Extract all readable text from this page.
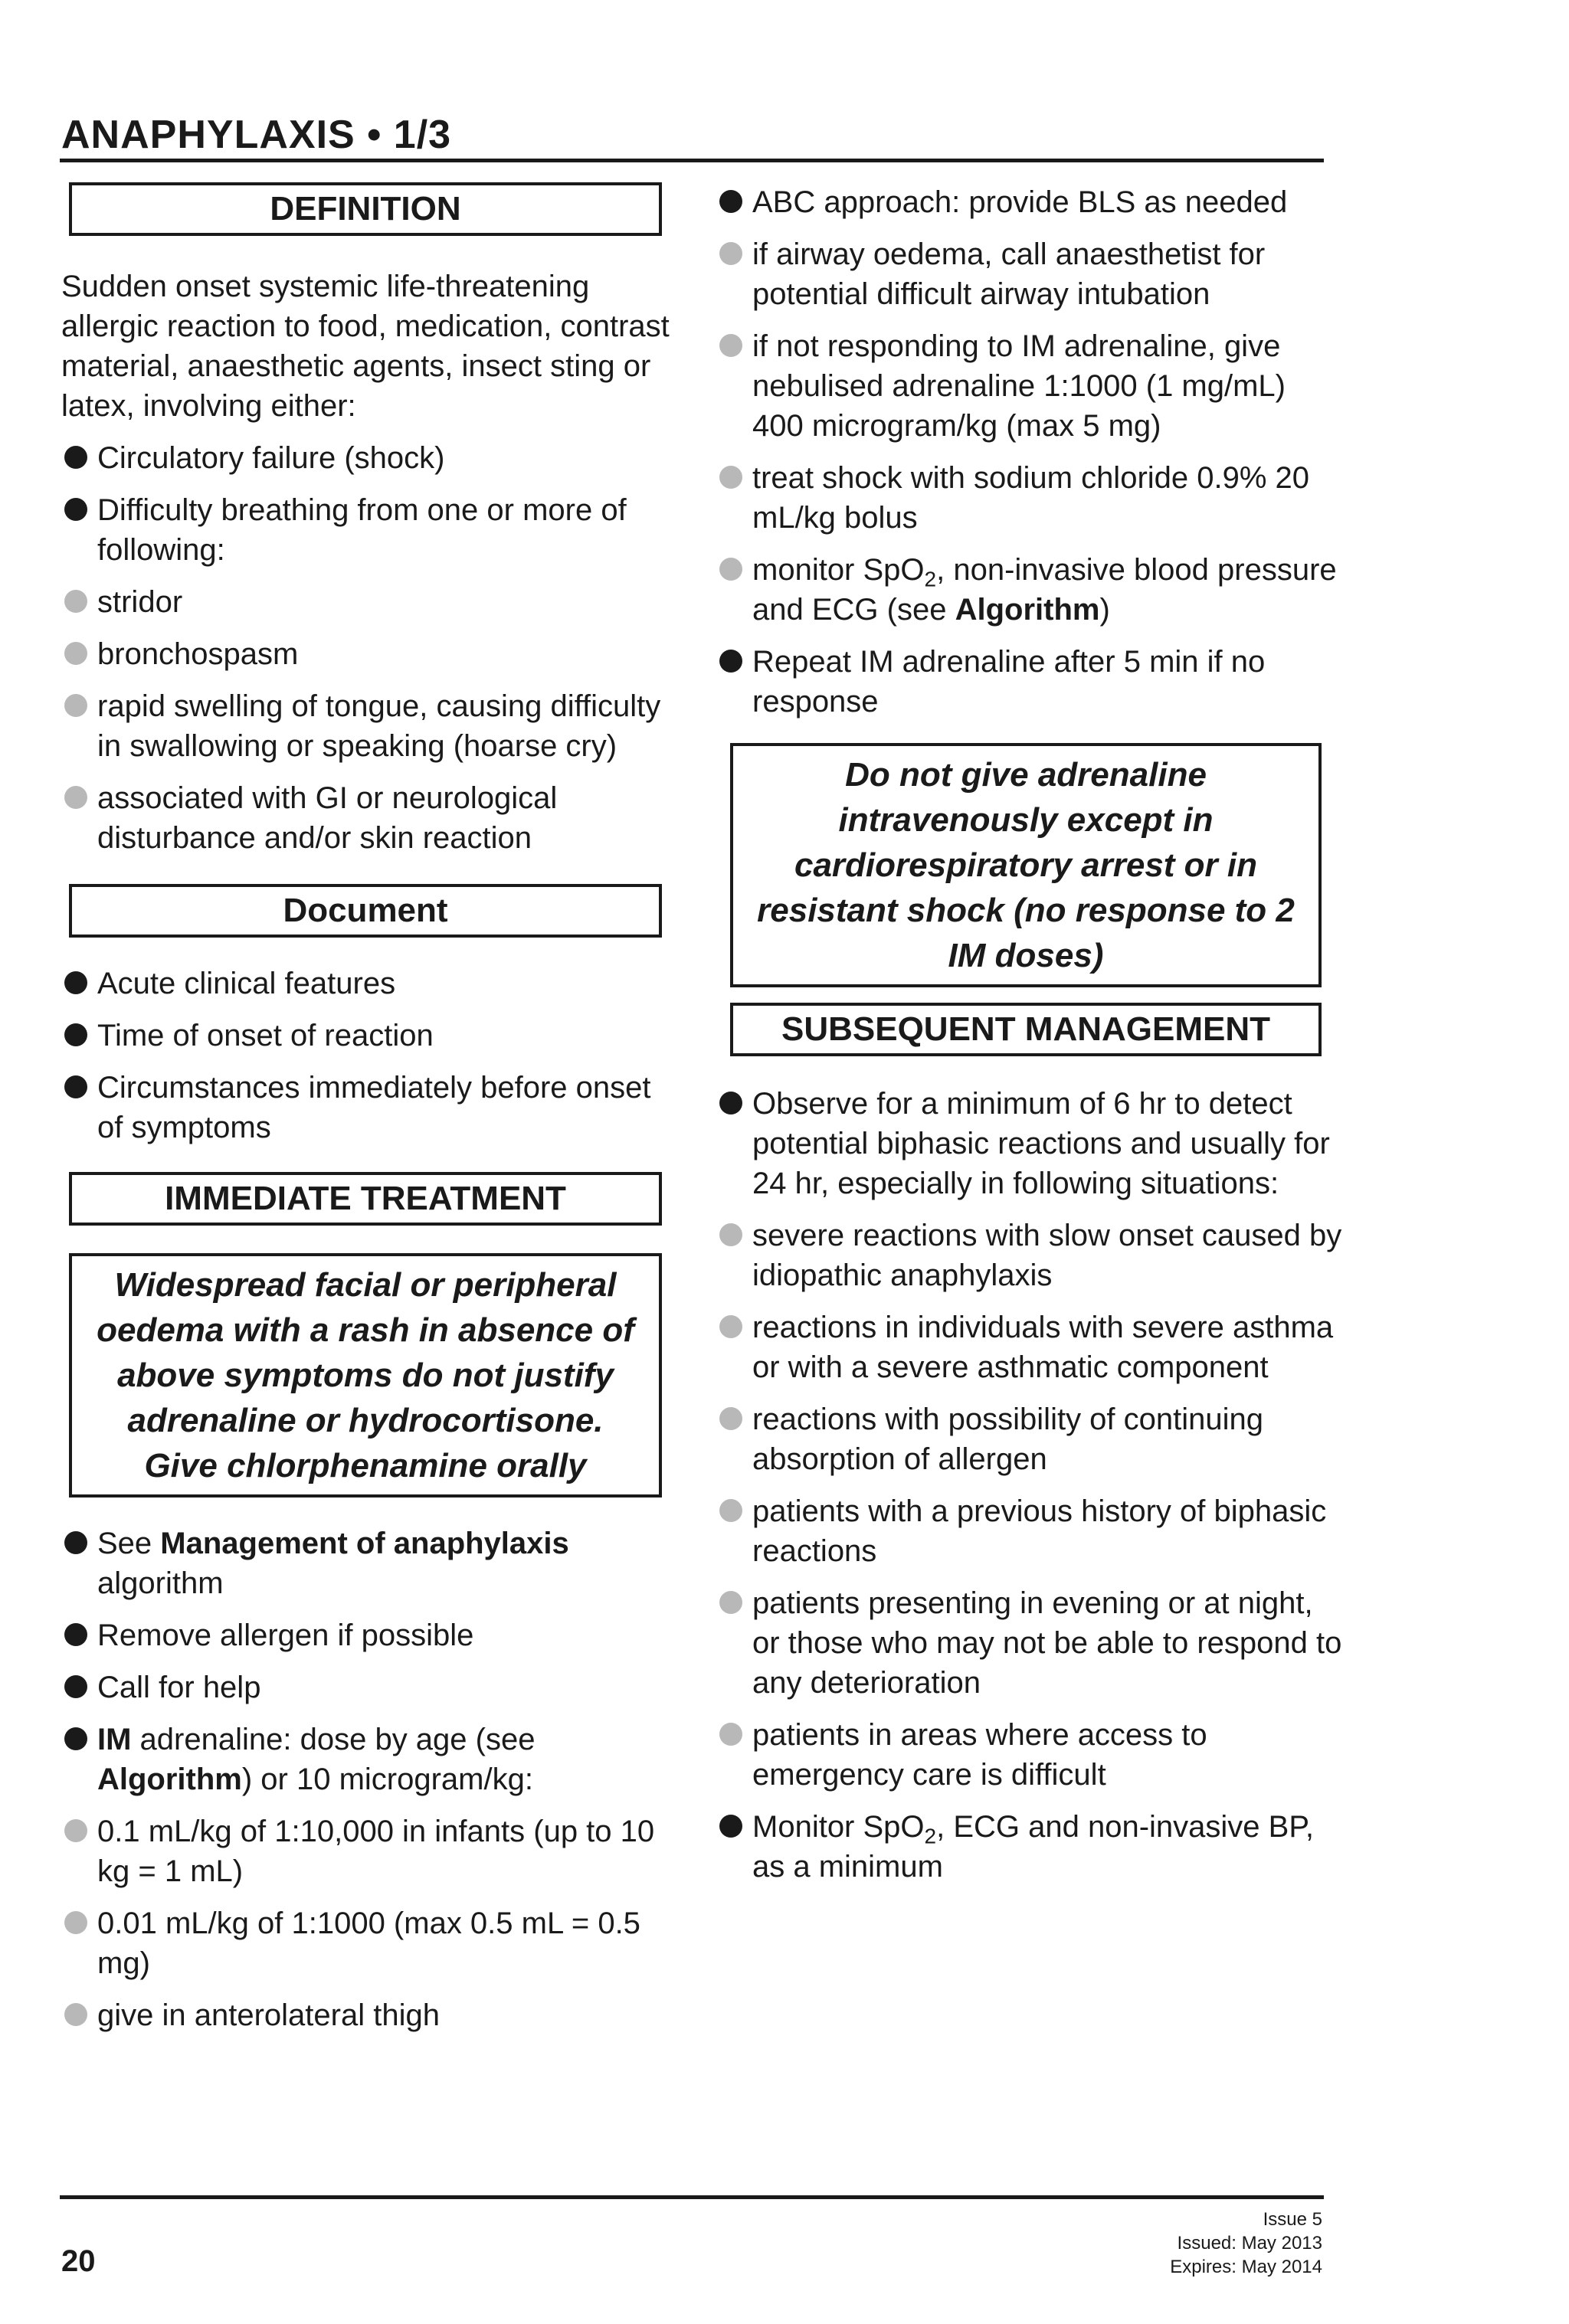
ANAPHYLAXIS • 1/3
DEFINITION

Sudden onset systemic life-threatening allergic reaction to food, medication, contrast material, anaesthetic agents, insect sting or latex, involving either:

Circulatory failure (shock)

Difficulty breathing from one or more of following:

stridor

bronchospasm

rapid swelling of tongue, causing difficulty in swallowing or speaking (hoarse cry)

associated with GI or neurological disturbance and/or skin reaction

Document

Acute clinical features

Time of onset of reaction

Circumstances immediately before onset of symptoms

IMMEDIATE TREATMENT
Widespread facial or peripheral oedema with a rash in absence of above symptoms do not justify adrenaline or hydrocortisone. Give chlorphenamine orally

See Management of anaphylaxis algorithm

Remove allergen if possible

Call for help

IM adrenaline: dose by age (see Algorithm) or 10 microgram/kg:

0.1 mL/kg of 1:10,000 in infants (up to 10 kg = 1 mL)

0.01 mL/kg of 1:1000 (max 0.5 mL = 0.5 mg)

give in anterolateral thigh

ABC approach: provide BLS as needed

if airway oedema, call anaesthetist for potential difficult airway intubation

if not responding to IM adrenaline, give nebulised adrenaline 1:1000 (1 mg/mL) 400 microgram/kg (max 5 mg)

treat shock with sodium chloride 0.9% 20 mL/kg bolus

monitor SpO$_2$, non-invasive blood pressure and ECG (see Algorithm)

Repeat IM adrenaline after 5 min if no response

Do not give adrenaline intravenously except in cardiorespiratory arrest or in resistant shock (no response to 2 IM doses)
SUBSEQUENT MANAGEMENT

Observe for a minimum of 6 hr to detect potential biphasic reactions and usually for 24 hr, especially in following situations:

severe reactions with slow onset caused by idiopathic anaphylaxis

reactions in individuals with severe asthma or with a severe asthmatic component

reactions with possibility of continuing absorption of allergen

patients with a previous history of biphasic reactions

patients presenting in evening or at night, or those who may not be able to respond to any deterioration

patients in areas where access to emergency care is difficult

Monitor SpO$_2$, ECG and non-invasive BP, as a minimum

20
Issue 5
Issued: May 2013
Expires: May 2014
